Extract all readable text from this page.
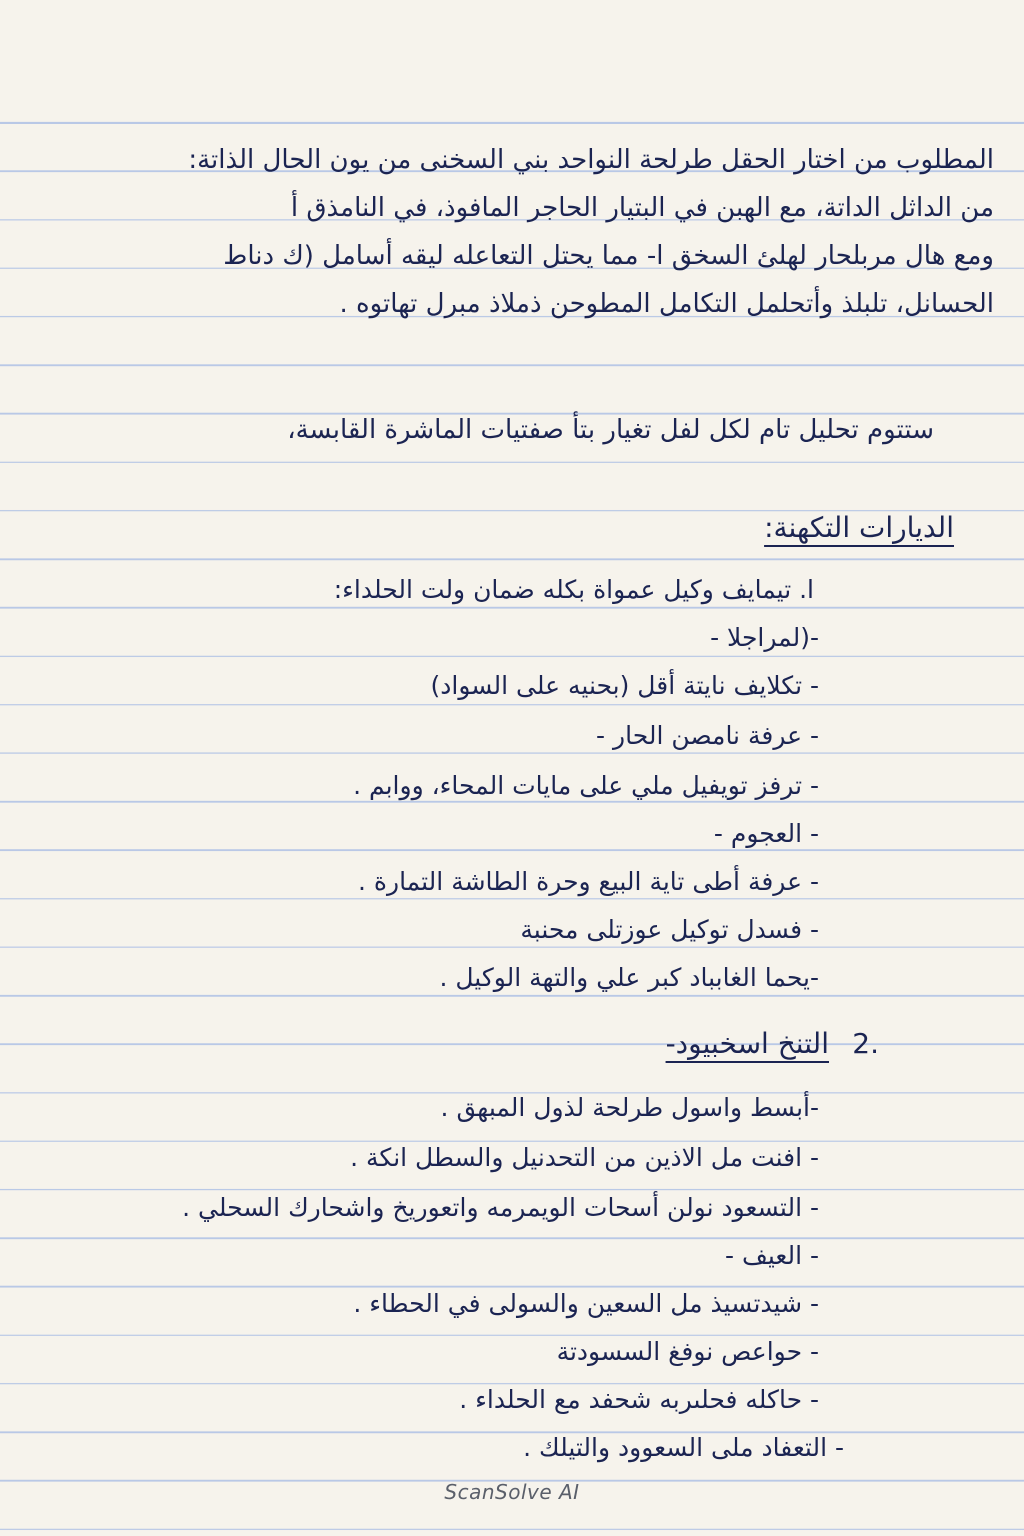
المطلوب من اختار الحقل طرلحة النواحد بني السخنى من يون الحال الذاتة:
من الداثل الداتة، مع الهبن في البتيار الحاجر المافوذ، في النامذق أ
ومع هال مربلحار لهلئ السخق ا- مما يحتل التعاعله ليقه أسامل (ك دناط
الحسانل، تلبلذ وأتحلمل التكامل المطوحن ذملاذ مبرل تهاتوه .
ستتوم تحليل تام لكل لفل تغيار بتأ صفتيات الماشرة القابسة،
الديارات التكهنة:
ا. تيمايف وكيل عمواة بكله ضمان ولت الحلداء:
-(لمراجلا -
- تكلايف نايتة أقل (بحنيه على السواد)
- عرفة نامصن الحار -
- ترفز تويفيل ملي على مايات المحاء، ووابم .
- العجوم -
- عرفة أطى تاية البيع وحرة الطاشة التمارة .
- فسدل توكيل عوزتلى محنبة
-يحما الغابباد كبر علي والتهة الوكيل .
2.
التنخ اسخبيود-
-أبسط واسول طرلحة لذول المبهق .
- افنت مل الاذين من التحدنيل والسطل انكة .
- التسعود نولن أسحات الويمرمه واتعوريخ واشحارك السحلي .
- العيف -
- شيدتسيذ مل السعين والسولى في الحطاء .
- حواعص نوفغ السسودتة
- حاكله فحلىربه شحفد مع الحلداء .
- التعفاد ملى السعوود والتيلك .
ScanSolve AI
